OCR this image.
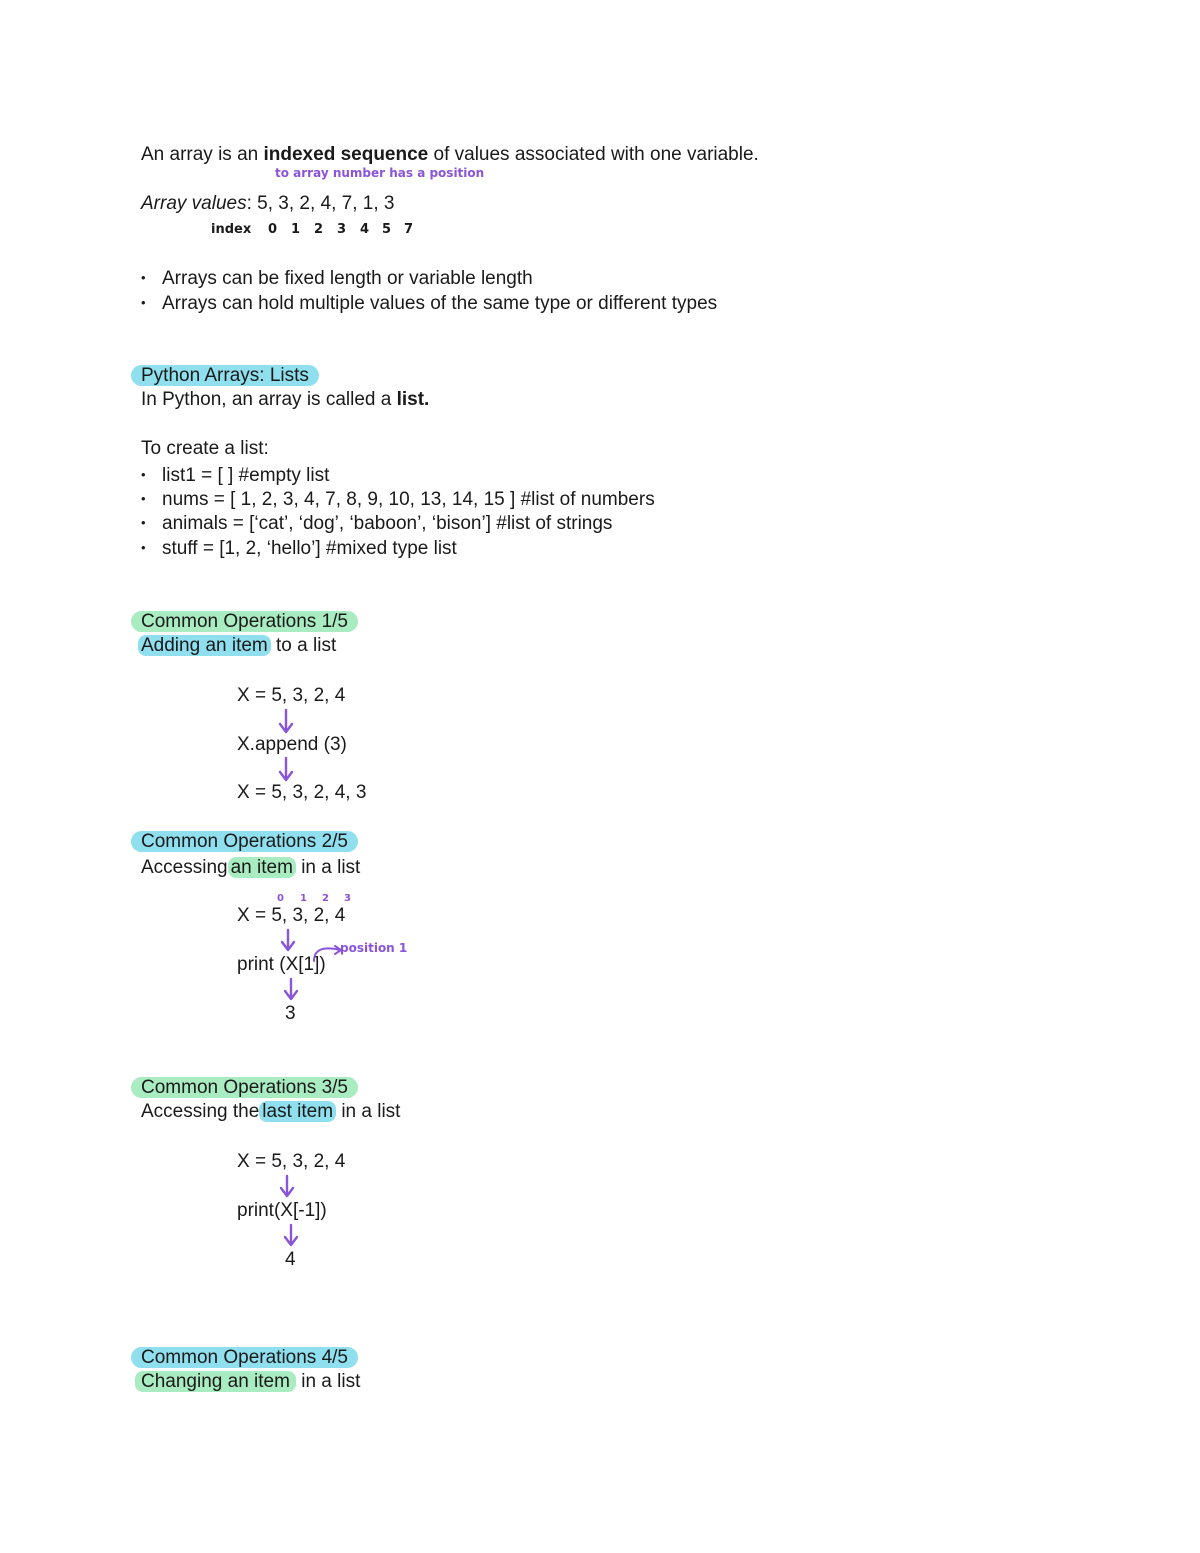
An array is an indexed sequence of values associated with one variable.
to array number has a position
Array values: 5, 3, 2, 4, 7, 1, 3
index 0 1 2 3 4 5 7
• Arrays can be fixed length or variable length
• Arrays can hold multiple values of the same type or different types
Python Arrays: Lists
In Python, an array is called a list.
To create a list:
• list1 = [ ] #empty list
• nums = [ 1, 2, 3, 4, 7, 8, 9, 10, 13, 14, 15 ] #list of numbers
• animals = [‘cat’, ‘dog’, ‘baboon’, ‘bison’] #list of strings
• stuff = [1, 2, ‘hello’] #mixed type list
Common Operations 1/5
Adding an item to a list
X = 5, 3, 2, 4
X.append (3)
X = 5, 3, 2, 4, 3
Common Operations 2/5
Accessing an item in a list
0 1 2 3
X = 5, 3, 2, 4
print (X[1])
position 1
3
Common Operations 3/5
Accessing the last item in a list
X = 5, 3, 2, 4
print(X[-1])
4
Common Operations 4/5
Changing an item in a list
